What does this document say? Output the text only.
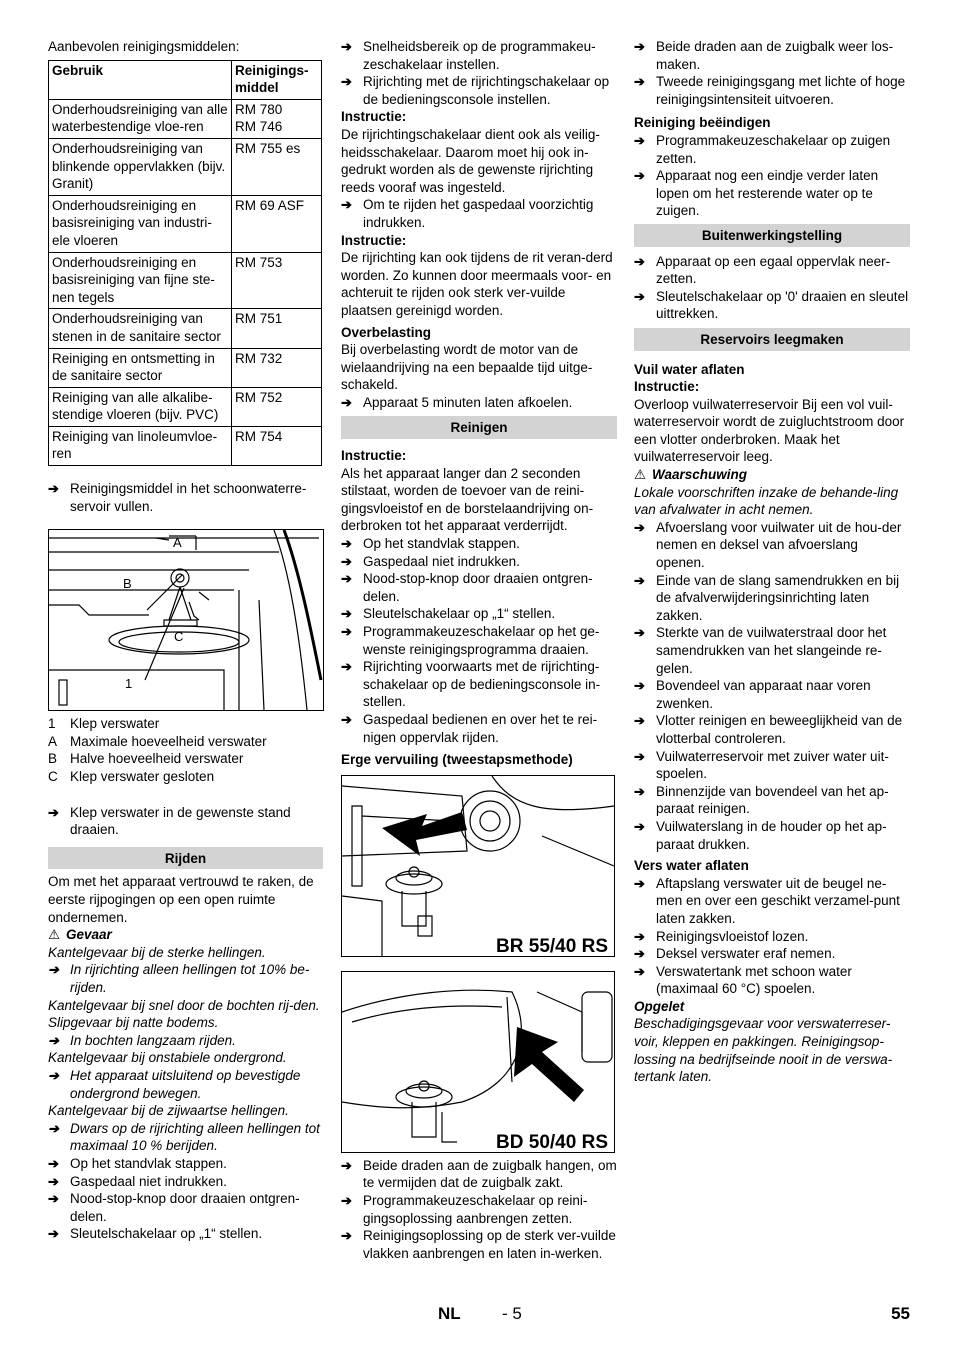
Aanbevolen reinigingsmiddelen:

Gebruik	Reinigings-middel
Onderhoudsreiniging van alle waterbestendige vloe-ren	RM 780
RM 746
Onderhoudsreiniging van blinkende oppervlakken (bijv. Granit)	RM 755 es
Onderhoudsreiniging en basisreiniging van industri-ele vloeren	RM 69 ASF
Onderhoudsreiniging en basisreiniging van fijne ste-nen tegels	RM 753
Onderhoudsreiniging van stenen in de sanitaire sector	RM 751
Reiniging en ontsmetting in de sanitaire sector	RM 732
Reiniging van alle alkalibe-stendige vloeren (bijv. PVC)	RM 752
Reiniging van linoleumvloe-ren	RM 754

➔ Reinigingsmiddel in het schoonwaterre-servoir vullen.

A
B
C
1
1	Klep verswater
A Maximale hoeveelheid verswater
B Halve hoeveelheid verswater
C Klep verswater gesloten

➔ Klep verswater in de gewenste stand draaien.

Rijden

Om met het apparaat vertrouwd te raken, de eerste rijpogingen op een open ruimte ondernemen.

⚠ Gevaar

Kantelgevaar bij de sterke hellingen.

➔ In rijrichting alleen hellingen tot 10% be-rijden.

Kantelgevaar bij snel door de bochten rij-den.

Slipgevaar bij natte bodems.

➔ In bochten langzaam rijden.

Kantelgevaar bij onstabiele ondergrond.

➔ Het apparaat uitsluitend op bevestigde ondergrond bewegen.

Kantelgevaar bij de zijwaartse hellingen.

➔ Dwars op de rijrichting alleen hellingen tot maximaal 10 % berijden.

➔ Op het standvlak stappen.

➔ Gaspedaal niet indrukken.

➔ Nood-stop-knop door draaien ontgren-delen.

➔ Sleutelschakelaar op „1“ stellen.

➔ Snelheidsbereik op de programmakeu-zeschakelaar instellen.

➔ Rijrichting met de rijrichtingschakelaar op de bedieningsconsole instellen.

Instructie:

De rijrichtingschakelaar dient ook als veilig-heidsschakelaar. Daarom moet hij ook in-gedrukt worden als de gewenste rijrichting reeds vooraf was ingesteld.

➔ Om te rijden het gaspedaal voorzichtig indrukken.

Instructie:

De rijrichting kan ook tijdens de rit veran-derd worden. Zo kunnen door meermaals voor- en achteruit te rijden ook sterk ver-vuilde plaatsen gereinigd worden.

Overbelasting

Bij overbelasting wordt de motor van de wielaandrijving na een bepaalde tijd uitge-schakeld.

➔ Apparaat 5 minuten laten afkoelen.

Reinigen

Instructie:

Als het apparaat langer dan 2 seconden stilstaat, worden de toevoer van de reini-gingsvloeistof en de borstelaandrijving on-derbroken tot het apparaat verderrijdt.

➔ Op het standvlak stappen.

➔ Gaspedaal niet indrukken.

➔ Nood-stop-knop door draaien ontgren-delen.

➔ Sleutelschakelaar op „1“ stellen.

➔ Programmakeuzeschakelaar op het ge-wenste reinigingsprogramma draaien.

➔ Rijrichting voorwaarts met de rijrichting-schakelaar op de bedieningsconsole in-stellen.

➔ Gaspedaal bedienen en over het te rei-nigen oppervlak rijden.

Erge vervuiling (tweestapsmethode)

BR 55/40 RS
BD 50/40 RS

➔ Beide draden aan de zuigbalk hangen, om te vermijden dat de zuigbalk zakt.

➔ Programmakeuzeschakelaar op reini-gingsoplossing aanbrengen zetten.

➔ Reinigingsoplossing op de sterk ver-vuilde vlakken aanbrengen en laten in-werken.

➔ Beide draden aan de zuigbalk weer los-maken.

➔ Tweede reinigingsgang met lichte of hoge reinigingsintensiteit uitvoeren.

Reiniging beëindigen

➔ Programmakeuzeschakelaar op zuigen zetten.

➔ Apparaat nog een eindje verder laten lopen om het resterende water op te zuigen.

Buitenwerkingstelling

➔ Apparaat op een egaal oppervlak neer-zetten.

➔ Sleutelschakelaar op '0' draaien en sleutel uittrekken.

Reservoirs leegmaken

Vuil water aflaten

Instructie:

Overloop vuilwaterreservoir Bij een vol vuil-waterreservoir wordt de zuigluchtstroom door een vlotter onderbroken. Maak het vuilwaterreservoir leeg.

⚠ Waarschuwing

Lokale voorschriften inzake de behande-ling van afvalwater in acht nemen.

➔ Afvoerslang voor vuilwater uit de hou-der nemen en deksel van afvoerslang openen.

➔ Einde van de slang samendrukken en bij de afvalverwijderingsinrichting laten zakken.

➔ Sterkte van de vuilwaterstraal door het samendrukken van het slangeinde re-gelen.

➔ Bovendeel van apparaat naar voren zwenken.

➔ Vlotter reinigen en beweeglijkheid van de vlotterbal controleren.

➔ Vuilwaterreservoir met zuiver water uit-spoelen.

➔ Binnenzijde van bovendeel van het ap-paraat reinigen.

➔ Vuilwaterslang in de houder op het ap-paraat drukken.

Vers water aflaten

➔ Aftapslang verswater uit de beugel ne-men en over een geschikt verzamel-punt laten zakken.

➔ Reinigingsvloeistof lozen.

➔ Deksel verswater eraf nemen.

➔ Verswatertank met schoon water (maximaal 60 °C) spoelen.

Opgelet

Beschadigingsgevaar voor verswaterreser-voir, kleppen en pakkingen. Reinigingsop-lossing na bedrijfseinde nooit in de verswa-tertank laten.

NL - 5	55
